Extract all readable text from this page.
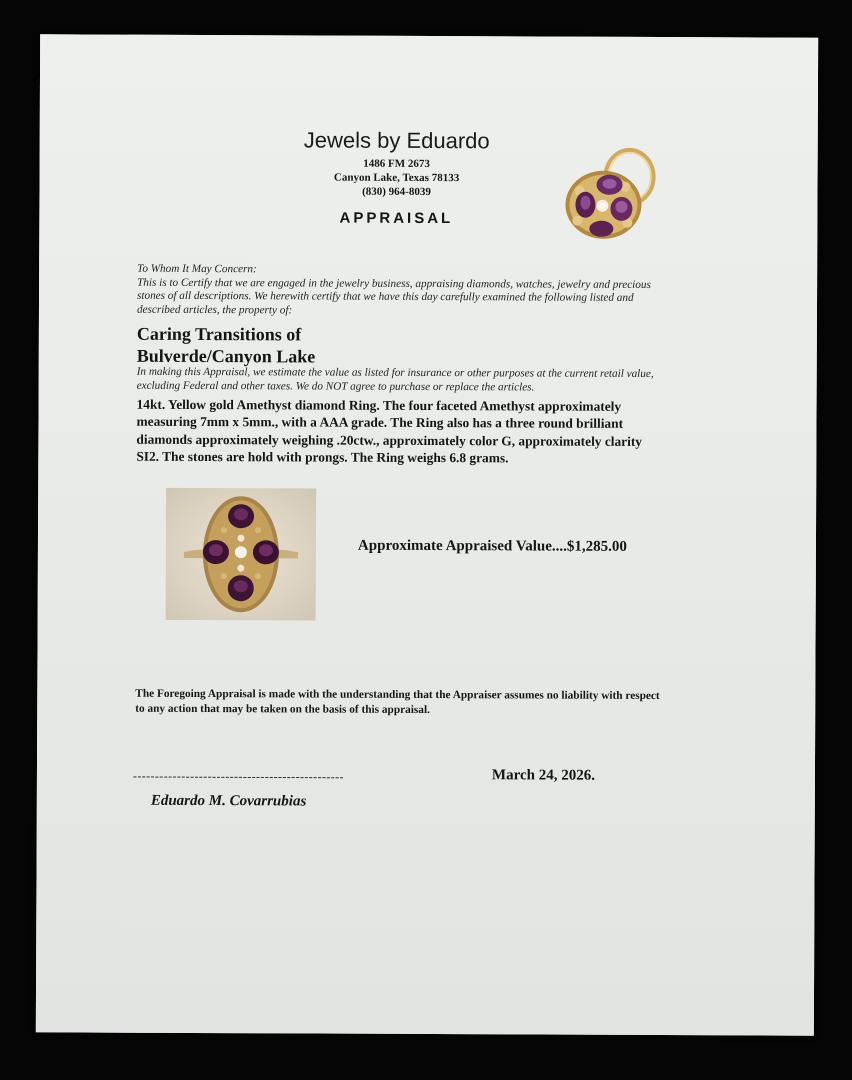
Jewels by Eduardo
1486 FM 2673
Canyon Lake, Texas 78133
(830) 964-8039
APPRAISAL
To Whom It May Concern:
This is to Certify that we are engaged in the jewelry business, appraising diamonds, watches, jewelry and precious
stones of all descriptions. We herewith certify that we have this day carefully examined the following listed and
described articles, the property of:
Caring Transitions of
Bulverde/Canyon Lake
In making this Appraisal, we estimate the value as listed for insurance or other purposes at the current retail value,
excluding Federal and other taxes. We do NOT agree to purchase or replace the articles.
14kt. Yellow gold Amethyst diamond Ring. The four faceted Amethyst approximately
measuring 7mm x 5mm., with a AAA grade. The Ring also has a three round brilliant
diamonds approximately weighing .20ctw., approximately color G, approximately clarity
SI2. The stones are hold with prongs. The Ring weighs 6.8 grams.
Approximate Appraised Value....$1,285.00
The Foregoing Appraisal is made with the understanding that the Appraiser assumes no liability with respect
to any action that may be taken on the basis of this appraisal.
------------------------------------------------	March 24, 2026.
Eduardo M. Covarrubias
